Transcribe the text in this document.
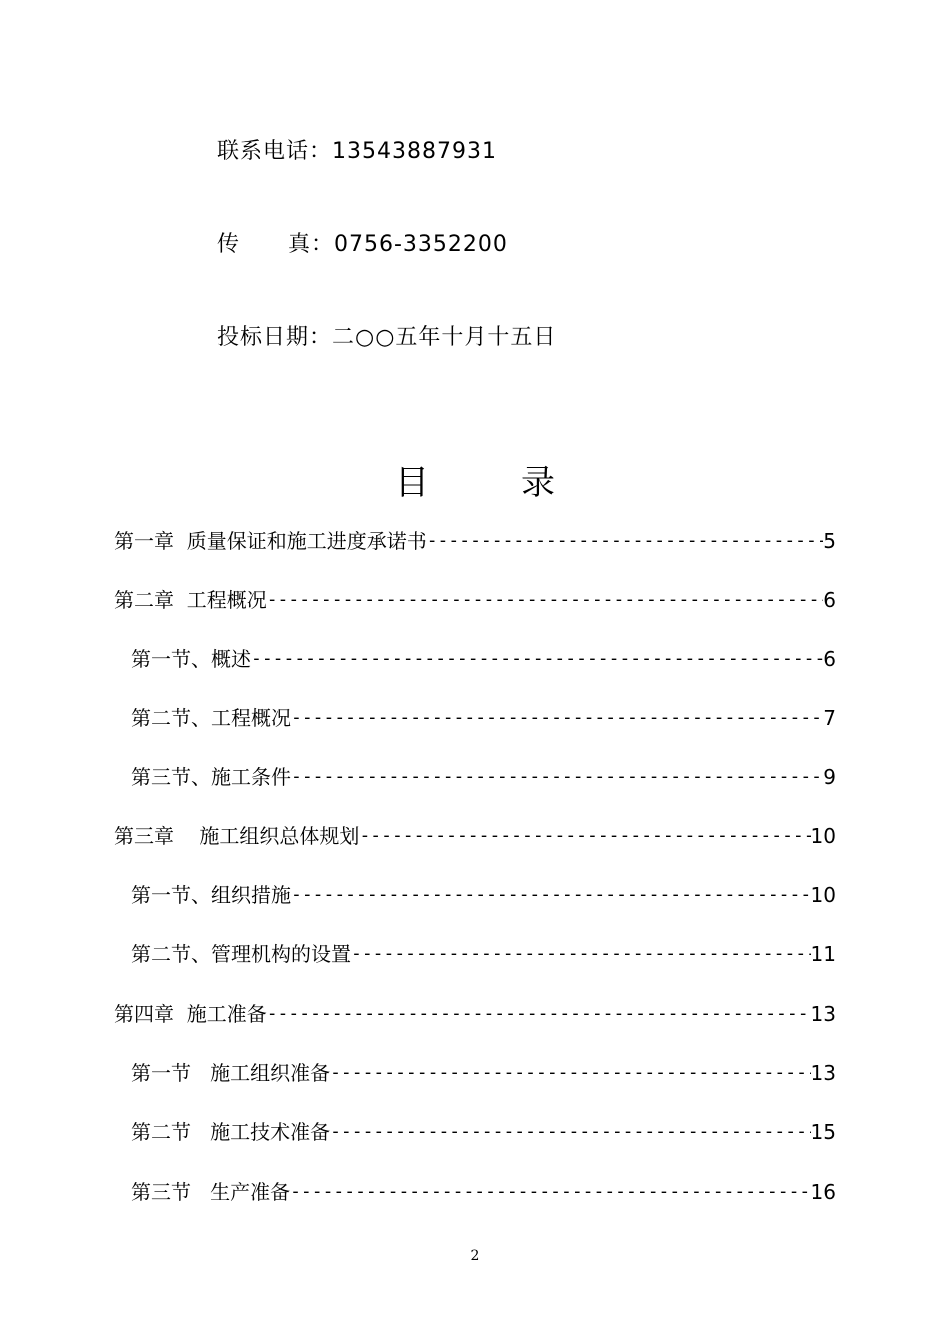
联系电话：13543887931
传      真：0756-3352200
投标日期：二○○五年十月十五日
目	录
第一章  质量保证和施工进度承诺书 -----	5
第二章  工程概况 -----	6
第一节、概述 -----	6
第二节、工程概况 -----	7
第三节、施工条件 -----	9
第三章    施工组织总体规划 -----	10
第一节、组织措施 -----	10
第二节、管理机构的设置 -----	11
第四章  施工准备 -----	13
第一节   施工组织准备 -----	13
第二节   施工技术准备 -----	15
第三节   生产准备 -----	16
2
